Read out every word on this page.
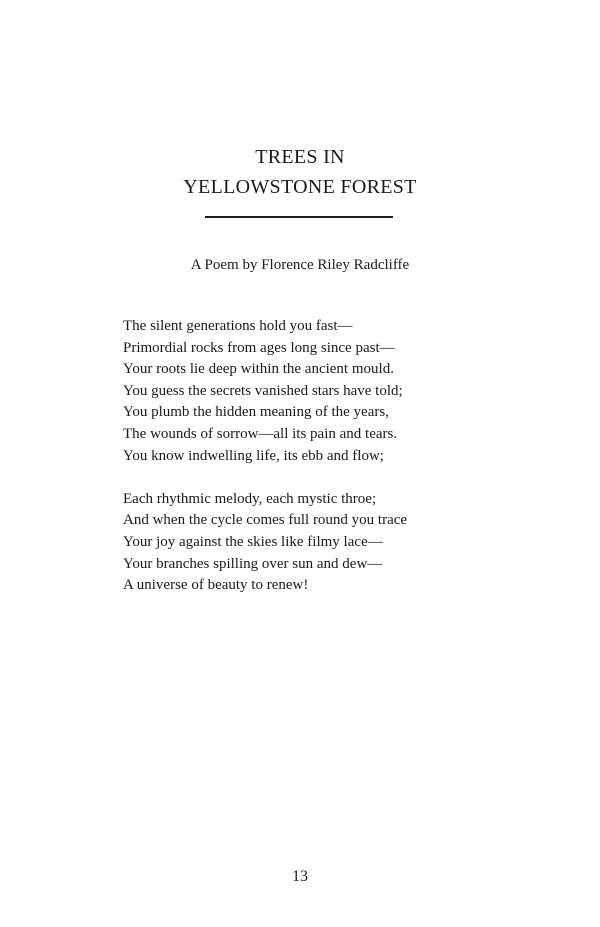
TREES IN
YELLOWSTONE FOREST
A Poem by Florence Riley Radcliffe
The silent generations hold you fast—
Primordial rocks from ages long since past—
Your roots lie deep within the ancient mould.
You guess the secrets vanished stars have told;
You plumb the hidden meaning of the years,
The wounds of sorrow—all its pain and tears.
You know indwelling life, its ebb and flow;
Each rhythmic melody, each mystic throe;
And when the cycle comes full round you trace
Your joy against the skies like filmy lace—
Your branches spilling over sun and dew—
A universe of beauty to renew!
13
